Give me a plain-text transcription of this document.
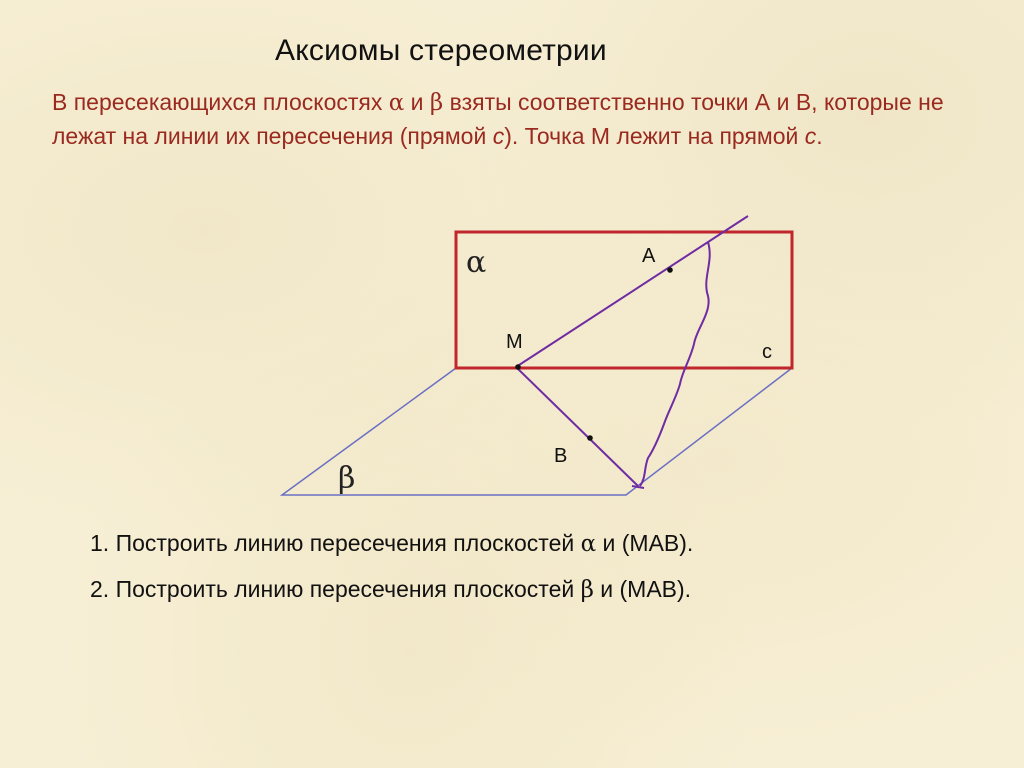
Аксиомы стереометрии
В пересекающихся плоскостях α и β взяты соответственно точки А и В, которые не лежат на линии их пересечения (прямой c). Точка М лежит на прямой c.
α
β
A
M
B
c
1. Построить линию пересечения плоскостей α и (МАВ).
2. Построить линию пересечения плоскостей β и (МАВ).
